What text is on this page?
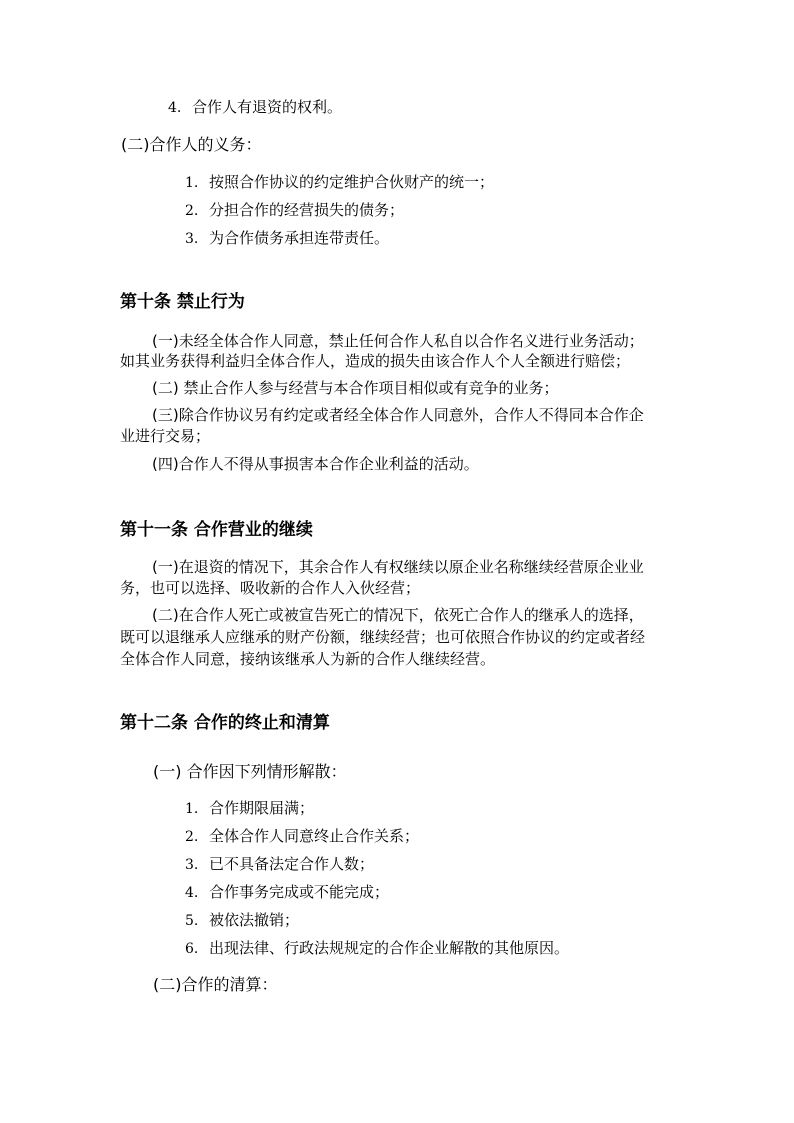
4. 合作人有退资的权利。
(二)合作人的义务：
1. 按照合作协议的约定维护合伙财产的统一；
2. 分担合作的经营损失的债务；
3. 为合作债务承担连带责任。
第十条 禁止行为
(一)未经全体合作人同意，禁止任何合作人私自以合作名义进行业务活动；
如其业务获得利益归全体合作人，造成的损失由该合作人个人全额进行赔偿；
(二) 禁止合作人参与经营与本合作项目相似或有竞争的业务；
(三)除合作协议另有约定或者经全体合作人同意外，合作人不得同本合作企
业进行交易；
(四)合作人不得从事损害本合作企业利益的活动。
第十一条 合作营业的继续
(一)在退资的情况下，其余合作人有权继续以原企业名称继续经营原企业业
务，也可以选择、吸收新的合作人入伙经营；
(二)在合作人死亡或被宣告死亡的情况下，依死亡合作人的继承人的选择，
既可以退继承人应继承的财产份额，继续经营；也可依照合作协议的约定或者经
全体合作人同意，接纳该继承人为新的合作人继续经营。
第十二条 合作的终止和清算
(一) 合作因下列情形解散：
1. 合作期限届满；
2. 全体合作人同意终止合作关系；
3. 已不具备法定合作人数；
4. 合作事务完成或不能完成；
5. 被依法撤销；
6. 出现法律、行政法规规定的合作企业解散的其他原因。
(二)合作的清算：
